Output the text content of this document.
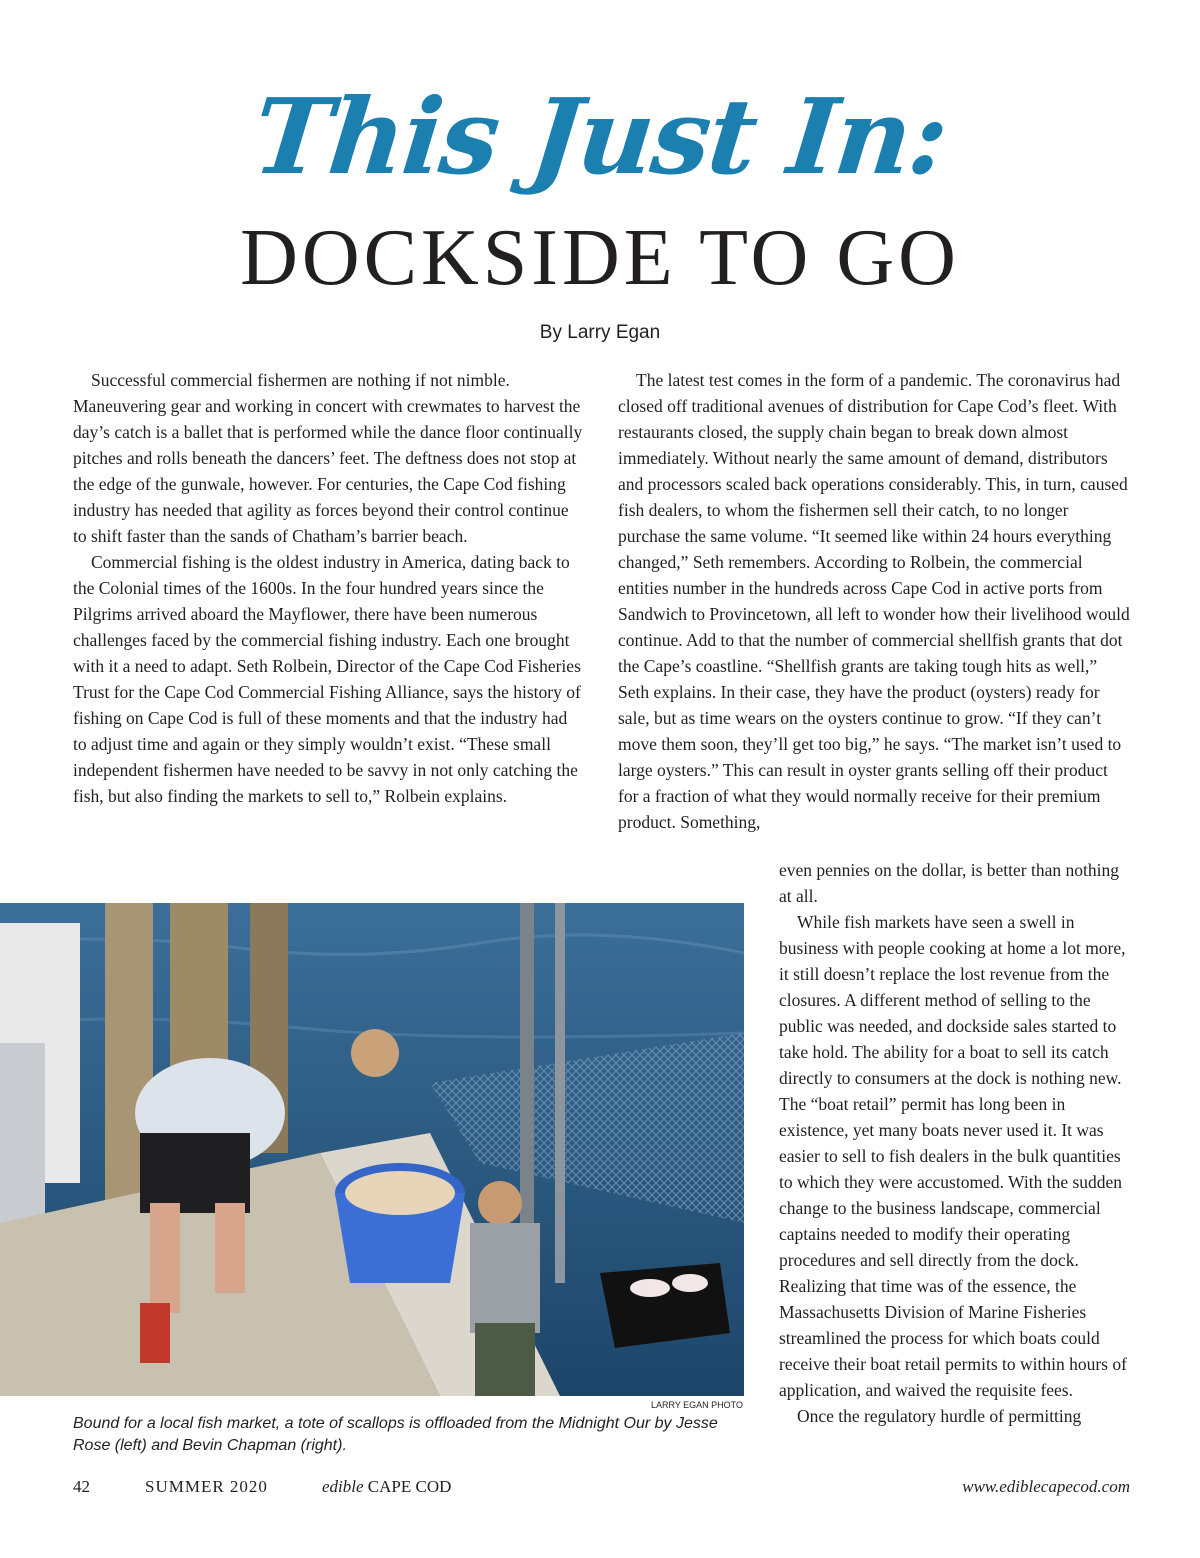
This Just In:
DOCKSIDE TO GO
By Larry Egan

Successful commercial fishermen are nothing if not nimble. Maneuvering gear and working in concert with crewmates to harvest the day’s catch is a ballet that is performed while the dance floor continually pitches and rolls beneath the dancers’ feet. The deftness does not stop at the edge of the gunwale, however. For centuries, the Cape Cod fishing industry has needed that agility as forces beyond their control continue to shift faster than the sands of Chatham’s barrier beach.

Commercial fishing is the oldest industry in America, dating back to the Colonial times of the 1600s. In the four hundred years since the Pilgrims arrived aboard the Mayflower, there have been numerous challenges faced by the commercial fishing industry. Each one brought with it a need to adapt. Seth Rolbein, Director of the Cape Cod Fisheries Trust for the Cape Cod Commercial Fishing Alliance, says the history of fishing on Cape Cod is full of these moments and that the industry had to adjust time and again or they simply wouldn’t exist. “These small independent fishermen have needed to be savvy in not only catching the fish, but also finding the markets to sell to,” Rolbein explains.

The latest test comes in the form of a pandemic. The coronavirus had closed off traditional avenues of distribution for Cape Cod’s fleet. With restaurants closed, the supply chain began to break down almost immediately. Without nearly the same amount of demand, distributors and processors scaled back operations considerably. This, in turn, caused fish dealers, to whom the fishermen sell their catch, to no longer purchase the same volume. “It seemed like within 24 hours everything changed,” Seth remembers. According to Rolbein, the commercial entities number in the hundreds across Cape Cod in active ports from Sandwich to Provincetown, all left to wonder how their livelihood would continue. Add to that the number of commercial shellfish grants that dot the Cape’s coastline. “Shellfish grants are taking tough hits as well,” Seth explains. In their case, they have the product (oysters) ready for sale, but as time wears on the oysters continue to grow. “If they can’t move them soon, they’ll get too big,” he says. “The market isn’t used to large oysters.” This can result in oyster grants selling off their product for a fraction of what they would normally receive for their premium product. Something,

even pennies on the dollar, is better than nothing at all.

While fish markets have seen a swell in business with people cooking at home a lot more, it still doesn’t replace the lost revenue from the closures. A different method of selling to the public was needed, and dockside sales started to take hold. The ability for a boat to sell its catch directly to consumers at the dock is nothing new. The “boat retail” permit has long been in existence, yet many boats never used it. It was easier to sell to fish dealers in the bulk quantities to which they were accustomed. With the sudden change to the business landscape, commercial captains needed to modify their operating procedures and sell directly from the dock. Realizing that time was of the essence, the Massachusetts Division of Marine Fisheries streamlined the process for which boats could receive their boat retail permits to within hours of application, and waived the requisite fees.

Once the regulatory hurdle of permitting

LARRY EGAN PHOTO
Bound for a local fish market, a tote of scallops is offloaded from the Midnight Our by Jesse Rose (left) and Bevin Chapman (right).
42	SUMMER 2020	edible CAPE COD	www.ediblecapecod.com
